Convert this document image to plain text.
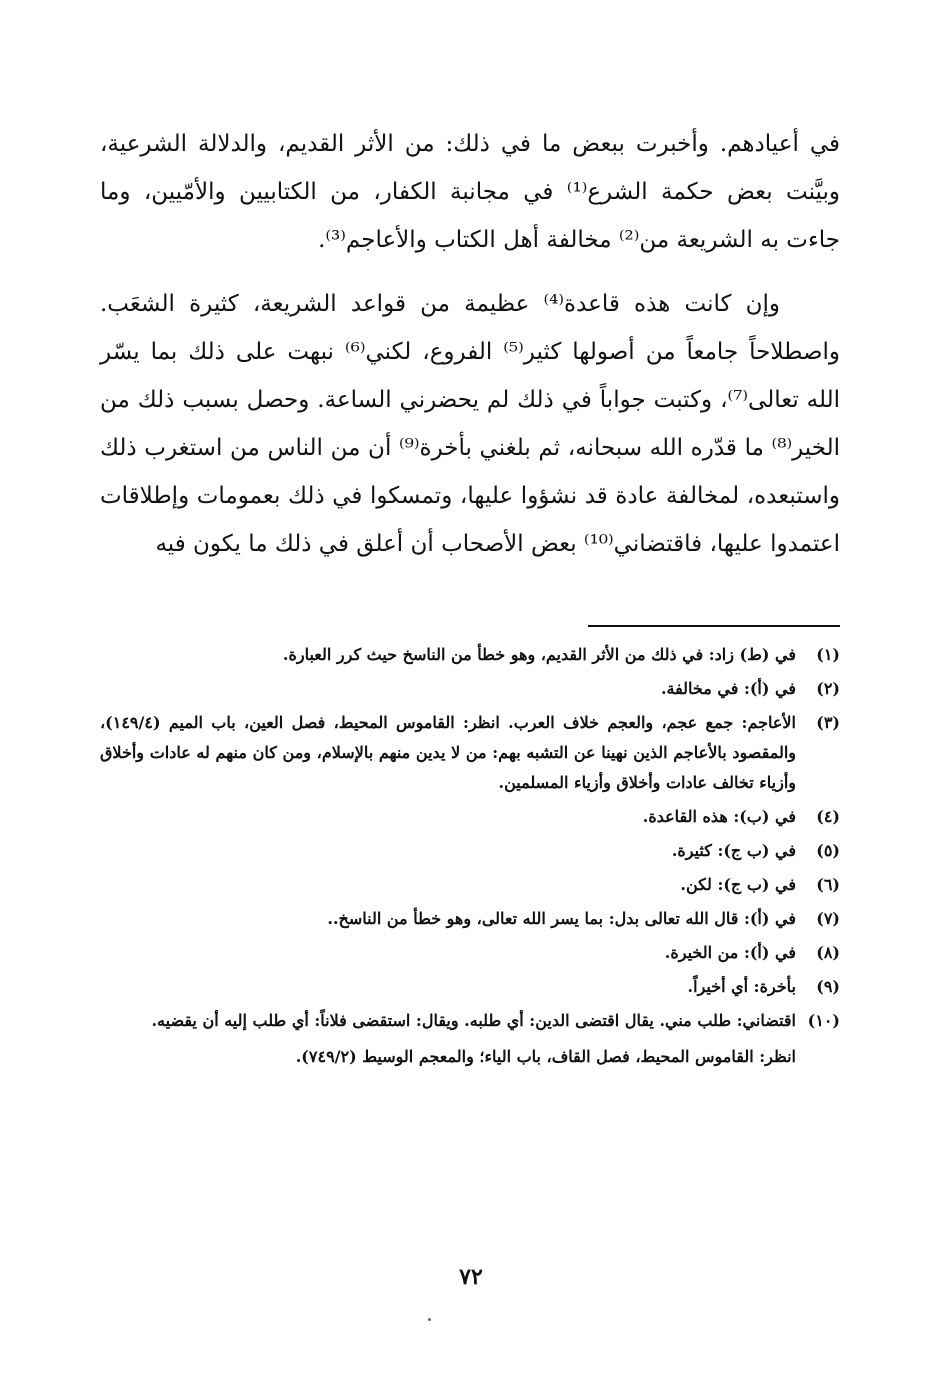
في أعيادهم. وأخبرت ببعض ما في ذلك: من الأثر القديم، والدلالة الشرعية، وبيَّنت بعض حكمة الشرع⁽¹⁾ في مجانبة الكفار، من الكتابيين والأمّيين، وما جاءت به الشريعة من⁽²⁾ مخالفة أهل الكتاب والأعاجم⁽³⁾.

وإن كانت هذه قاعدة⁽⁴⁾ عظيمة من قواعد الشريعة، كثيرة الشعَب. واصطلاحاً جامعاً من أصولها كثير⁽⁵⁾ الفروع، لكني⁽⁶⁾ نبهت على ذلك بما يسّر الله تعالى⁽⁷⁾، وكتبت جواباً في ذلك لم يحضرني الساعة. وحصل بسبب ذلك من الخير⁽⁸⁾ ما قدّره الله سبحانه، ثم بلغني بأخرة⁽⁹⁾ أن من الناس من استغرب ذلك واستبعده، لمخالفة عادة قد نشؤوا عليها، وتمسكوا في ذلك بعمومات وإطلاقات اعتمدوا عليها، فاقتضاني⁽¹⁰⁾ بعض الأصحاب أن أعلق في ذلك ما يكون فيه

(١)
في (ط) زاد: في ذلك من الأثر القديم، وهو خطأ من الناسخ حيث كرر العبارة.
(٢)
في (أ): في مخالفة.
(٣)
الأعاجم: جمع عجم، والعجم خلاف العرب. انظر: القاموس المحيط، فصل العين، باب الميم (١٤٩/٤)، والمقصود بالأعاجم الذين نهينا عن التشبه بهم: من لا يدين منهم بالإسلام، ومن كان منهم له عادات وأخلاق وأزياء تخالف عادات وأخلاق وأزياء المسلمين.
(٤)
في (ب): هذه القاعدة.
(٥)
في (ب ج): كثيرة.
(٦)
في (ب ج): لكن.
(٧)
في (أ): قال الله تعالى بدل: بما يسر الله تعالى، وهو خطأ من الناسخ..
(٨)
في (أ): من الخيرة.
(٩)
بأخرة: أي أخيراً.
(١٠)
اقتضاني: طلب مني. يقال اقتضى الدين: أي طلبه. ويقال: استقضى فلاناً: أي طلب إليه أن يقضيه.
انظر: القاموس المحيط، فصل القاف، باب الياء؛ والمعجم الوسيط (٧٤٩/٢).
٧٢
